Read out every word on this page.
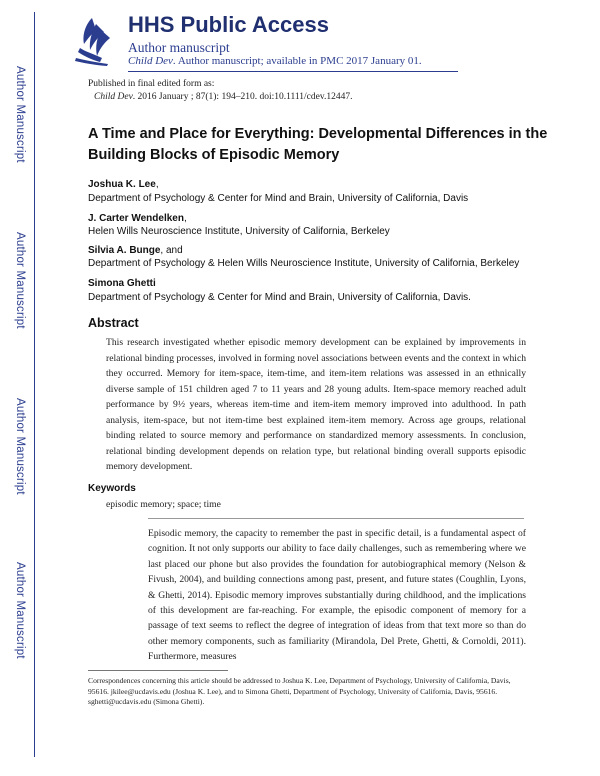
Author Manuscript
Author Manuscript
Author Manuscript
Author Manuscript
HHS Public Access
Author manuscript
Child Dev. Author manuscript; available in PMC 2017 January 01.
Published in final edited form as:
Child Dev. 2016 January ; 87(1): 194–210. doi:10.1111/cdev.12447.
A Time and Place for Everything: Developmental Differences in the Building Blocks of Episodic Memory
Joshua K. Lee,
Department of Psychology & Center for Mind and Brain, University of California, Davis
J. Carter Wendelken,
Helen Wills Neuroscience Institute, University of California, Berkeley
Silvia A. Bunge, and
Department of Psychology & Helen Wills Neuroscience Institute, University of California, Berkeley
Simona Ghetti
Department of Psychology & Center for Mind and Brain, University of California, Davis.
Abstract
This research investigated whether episodic memory development can be explained by improvements in relational binding processes, involved in forming novel associations between events and the context in which they occurred. Memory for item-space, item-time, and item-item relations was assessed in an ethnically diverse sample of 151 children aged 7 to 11 years and 28 young adults. Item-space memory reached adult performance by 9½ years, whereas item-time and item-item memory improved into adulthood. In path analysis, item-space, but not item-time best explained item-item memory. Across age groups, relational binding related to source memory and performance on standardized memory assessments. In conclusion, relational binding development depends on relation type, but relational binding overall supports episodic memory development.
Keywords
episodic memory; space; time
Episodic memory, the capacity to remember the past in specific detail, is a fundamental aspect of cognition. It not only supports our ability to face daily challenges, such as remembering where we last placed our phone but also provides the foundation for autobiographical memory (Nelson & Fivush, 2004), and building connections among past, present, and future states (Coughlin, Lyons, & Ghetti, 2014). Episodic memory improves substantially during childhood, and the implications of this development are far-reaching. For example, the episodic component of memory for a passage of text seems to reflect the degree of integration of ideas from that text more so than do other memory components, such as familiarity (Mirandola, Del Prete, Ghetti, & Cornoldi, 2011). Furthermore, measures
Correspondences concerning this article should be addressed to Joshua K. Lee, Department of Psychology, University of California, Davis, 95616. jkilee@ucdavis.edu (Joshua K. Lee), and to Simona Ghetti, Department of Psychology, University of California, Davis, 95616. sghetti@ucdavis.edu (Simona Ghetti).
